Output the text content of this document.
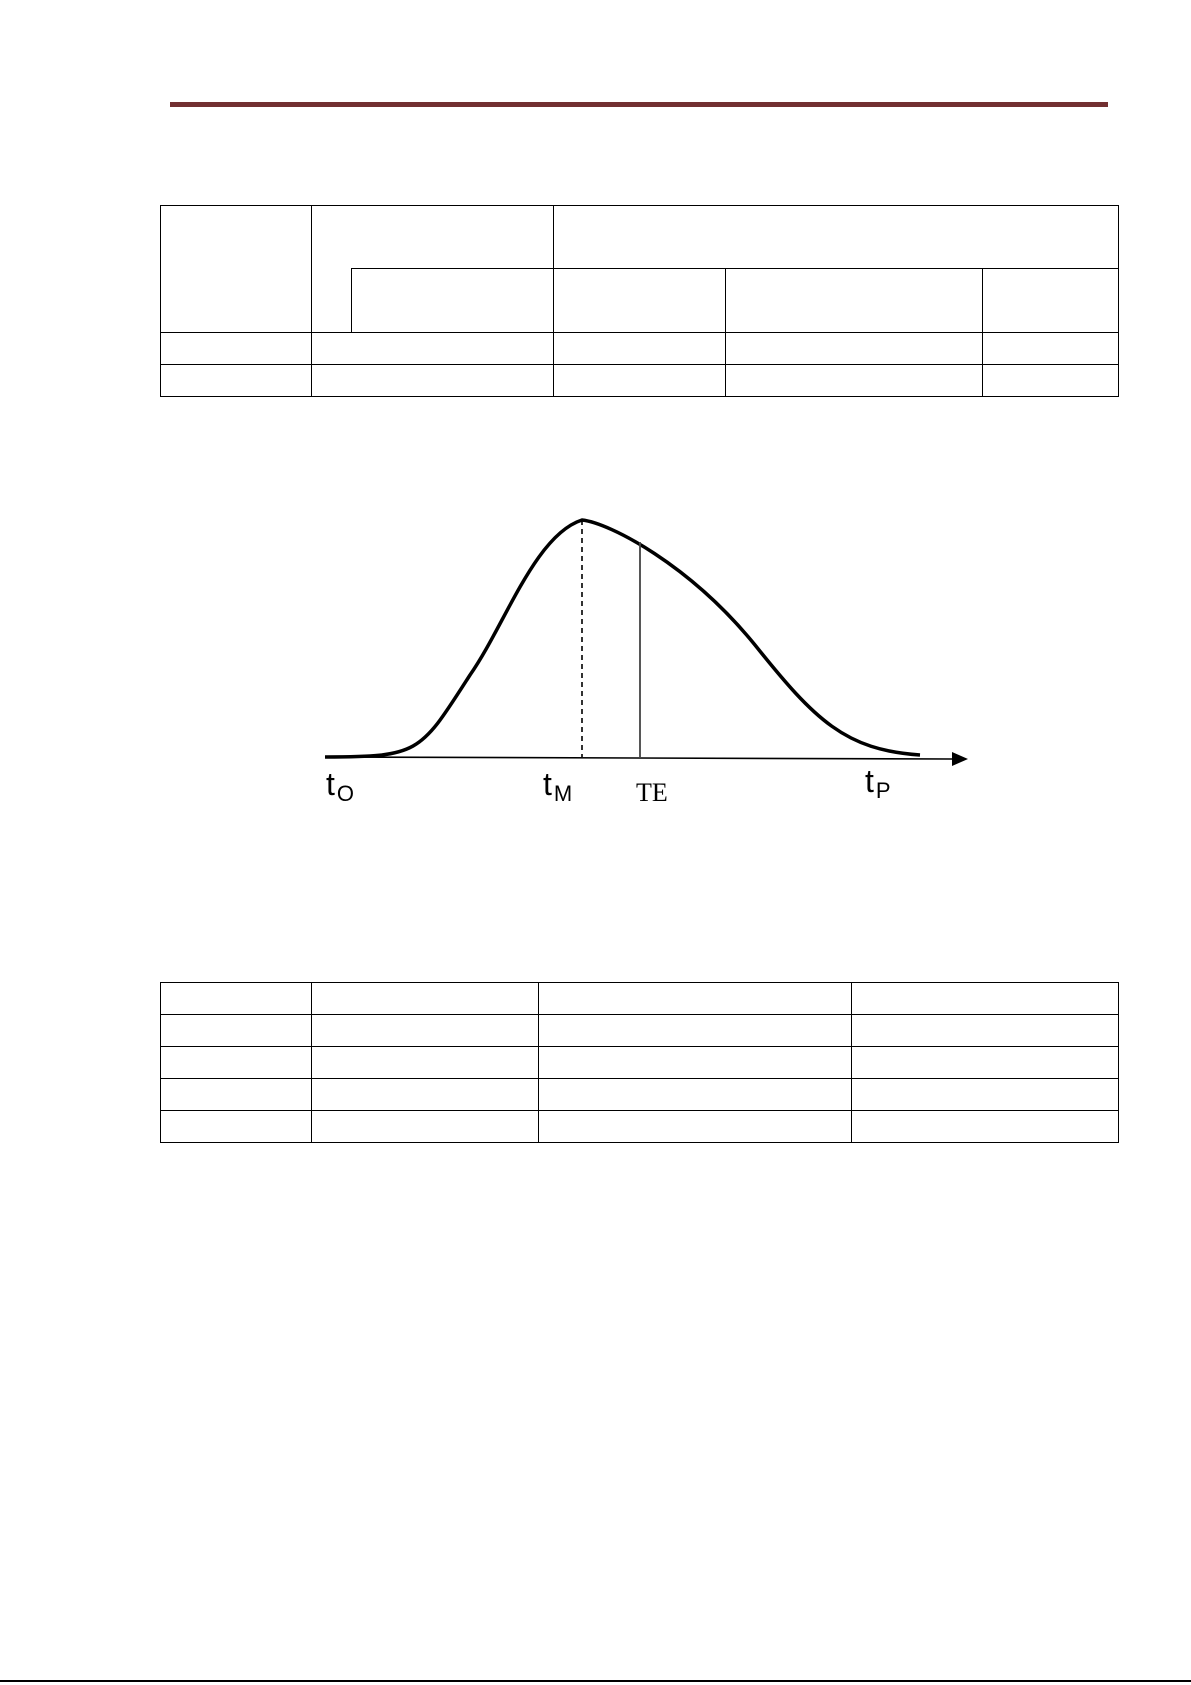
tO	tM TE	tP
